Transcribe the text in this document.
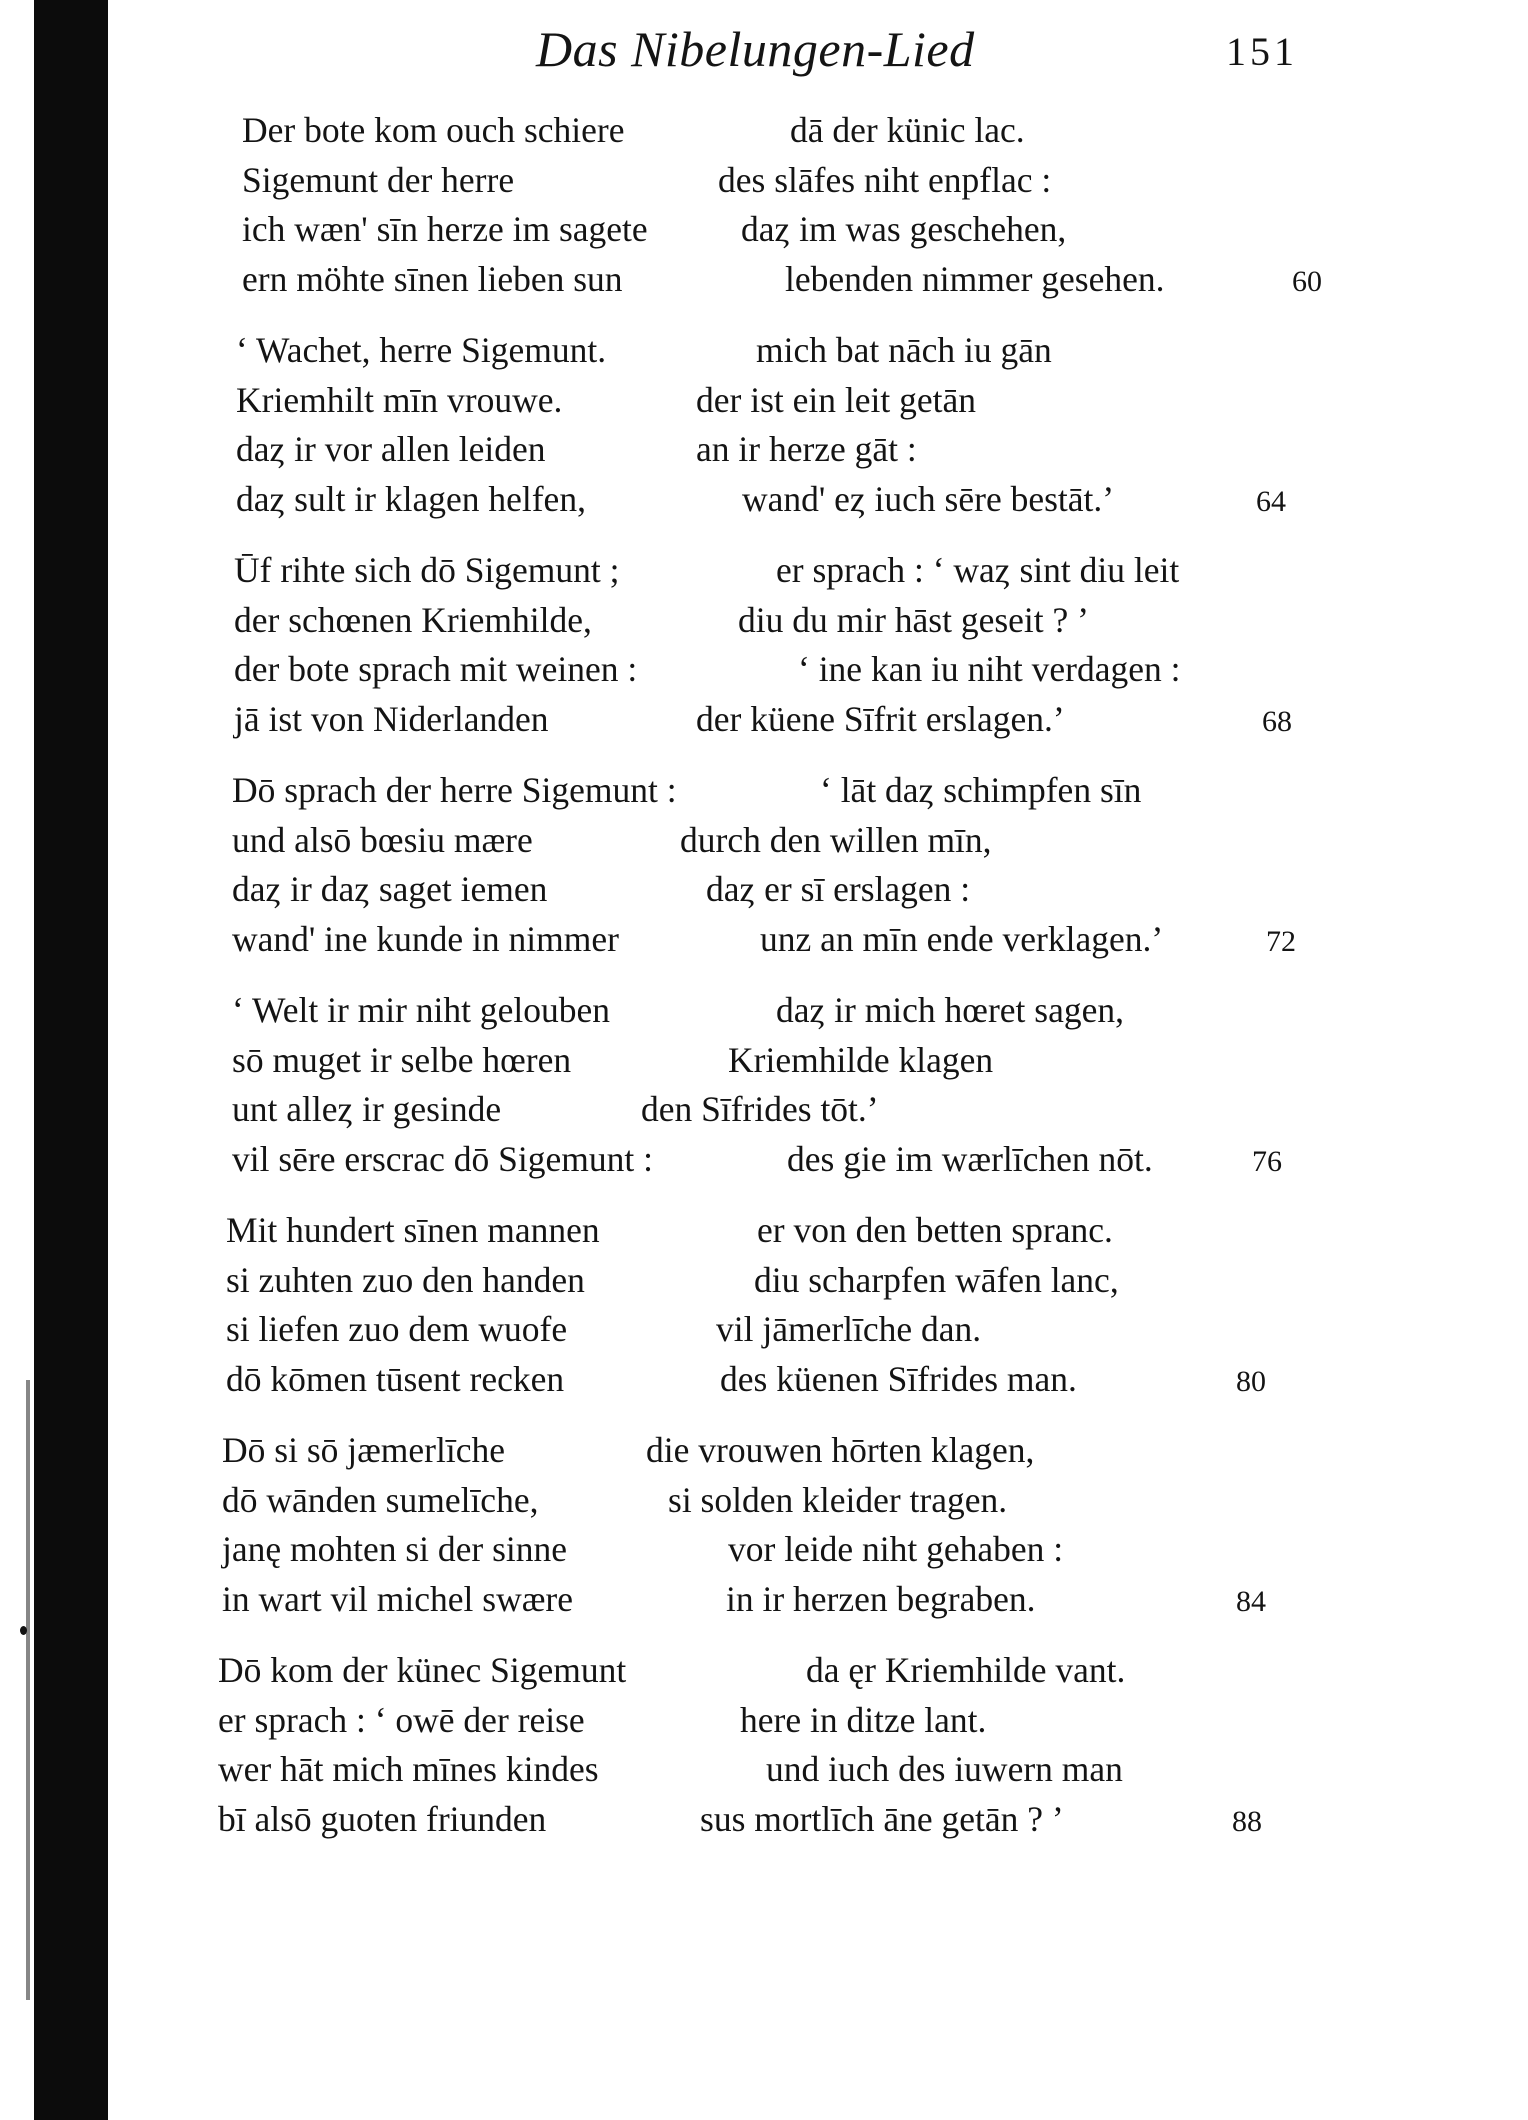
Das Nibelungen-Lied	151
Der bote kom ouch schiere	dā der künic lac.
Sigemunt der herre	des slāfes niht enpflac :
ich wæn' sīn herze im sagete	daȥ im was geschehen,
ern möhte sīnen lieben sun	lebenden nimmer gesehen.	60
‘ Wachet, herre Sigemunt.	mich bat nāch iu gān
Kriemhilt mīn vrouwe.	der ist ein leit getān
daȥ ir vor allen leiden	an ir herze gāt :
daȥ sult ir klagen helfen,	wand' eȥ iuch sēre bestāt.’	64
Ūf rihte sich dō Sigemunt ;	er sprach : ‘ waȥ sint diu leit
der schœnen Kriemhilde,	diu du mir hāst geseit ? ’
der bote sprach mit weinen :	‘ ine kan iu niht verdagen :
jā ist von Niderlanden	der küene Sīfrit erslagen.’	68
Dō sprach der herre Sigemunt :	‘ lāt daȥ schimpfen sīn
und alsō bœsiu mære	durch den willen mīn,
daȥ ir daȥ saget iemen	daȥ er sī erslagen :
wand' ine kunde in nimmer	unz an mīn ende verklagen.’	72
‘ Welt ir mir niht gelouben	daȥ ir mich hœret sagen,
sō muget ir selbe hœren	Kriemhilde klagen
unt alleȥ ir gesinde	den Sīfrides tōt.’
vil sēre erscrac dō Sigemunt :	des gie im wærlīchen nōt.	76
Mit hundert sīnen mannen	er von den betten spranc.
si zuhten zuo den handen	diu scharpfen wāfen lanc,
si liefen zuo dem wuofe	vil jāmerlīche dan.
dō kōmen tūsent recken	des küenen Sīfrides man.	80
Dō si sō jæmerlīche	die vrouwen hōrten klagen,
dō wānden sumelīche,	si solden kleider tragen.
janę mohten si der sinne	vor leide niht gehaben :
in wart vil michel swære	in ir herzen begraben.	84
Dō kom der künec Sigemunt	da ęr Kriemhilde vant.
er sprach : ‘ owē der reise	here in ditze lant.
wer hāt mich mīnes kindes	und iuch des iuwern man
bī alsō guoten friunden	sus mortlīch āne getān ? ’	88
